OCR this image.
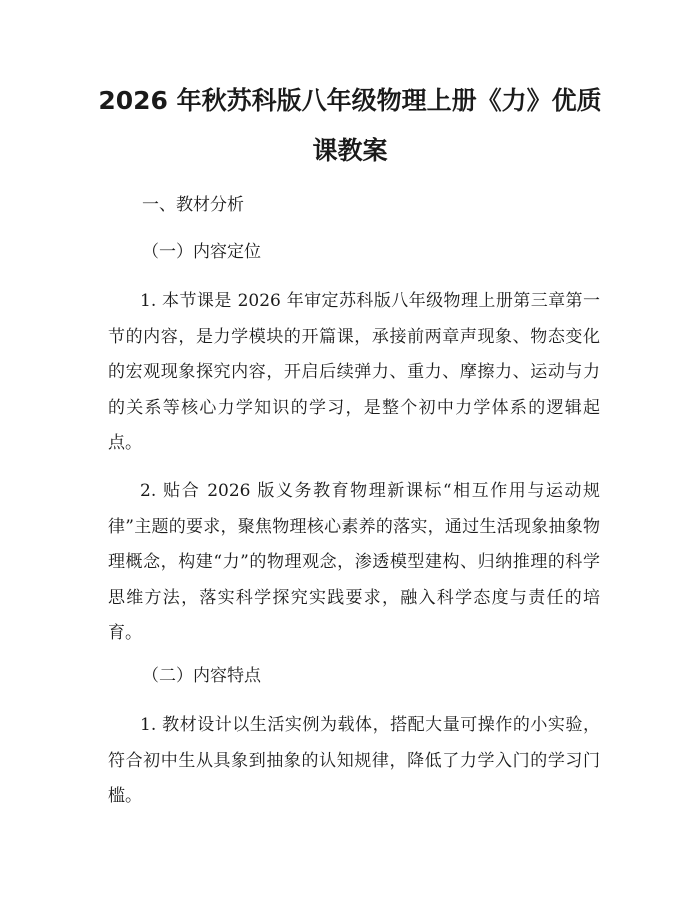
2026 年秋苏科版八年级物理上册《力》优质
课教案

一、教材分析

（一）内容定位

1. 本节课是 2026 年审定苏科版八年级物理上册第三章第一节的内容，是力学模块的开篇课，承接前两章声现象、物态变化的宏观现象探究内容，开启后续弹力、重力、摩擦力、运动与力的关系等核心力学知识的学习，是整个初中力学体系的逻辑起点。

2. 贴合 2026 版义务教育物理新课标“相互作用与运动规律”主题的要求，聚焦物理核心素养的落实，通过生活现象抽象物理概念，构建“力”的物理观念，渗透模型建构、归纳推理的科学思维方法，落实科学探究实践要求，融入科学态度与责任的培育。

（二）内容特点

1. 教材设计以生活实例为载体，搭配大量可操作的小实验，符合初中生从具象到抽象的认知规律，降低了力学入门的学习门槛。
